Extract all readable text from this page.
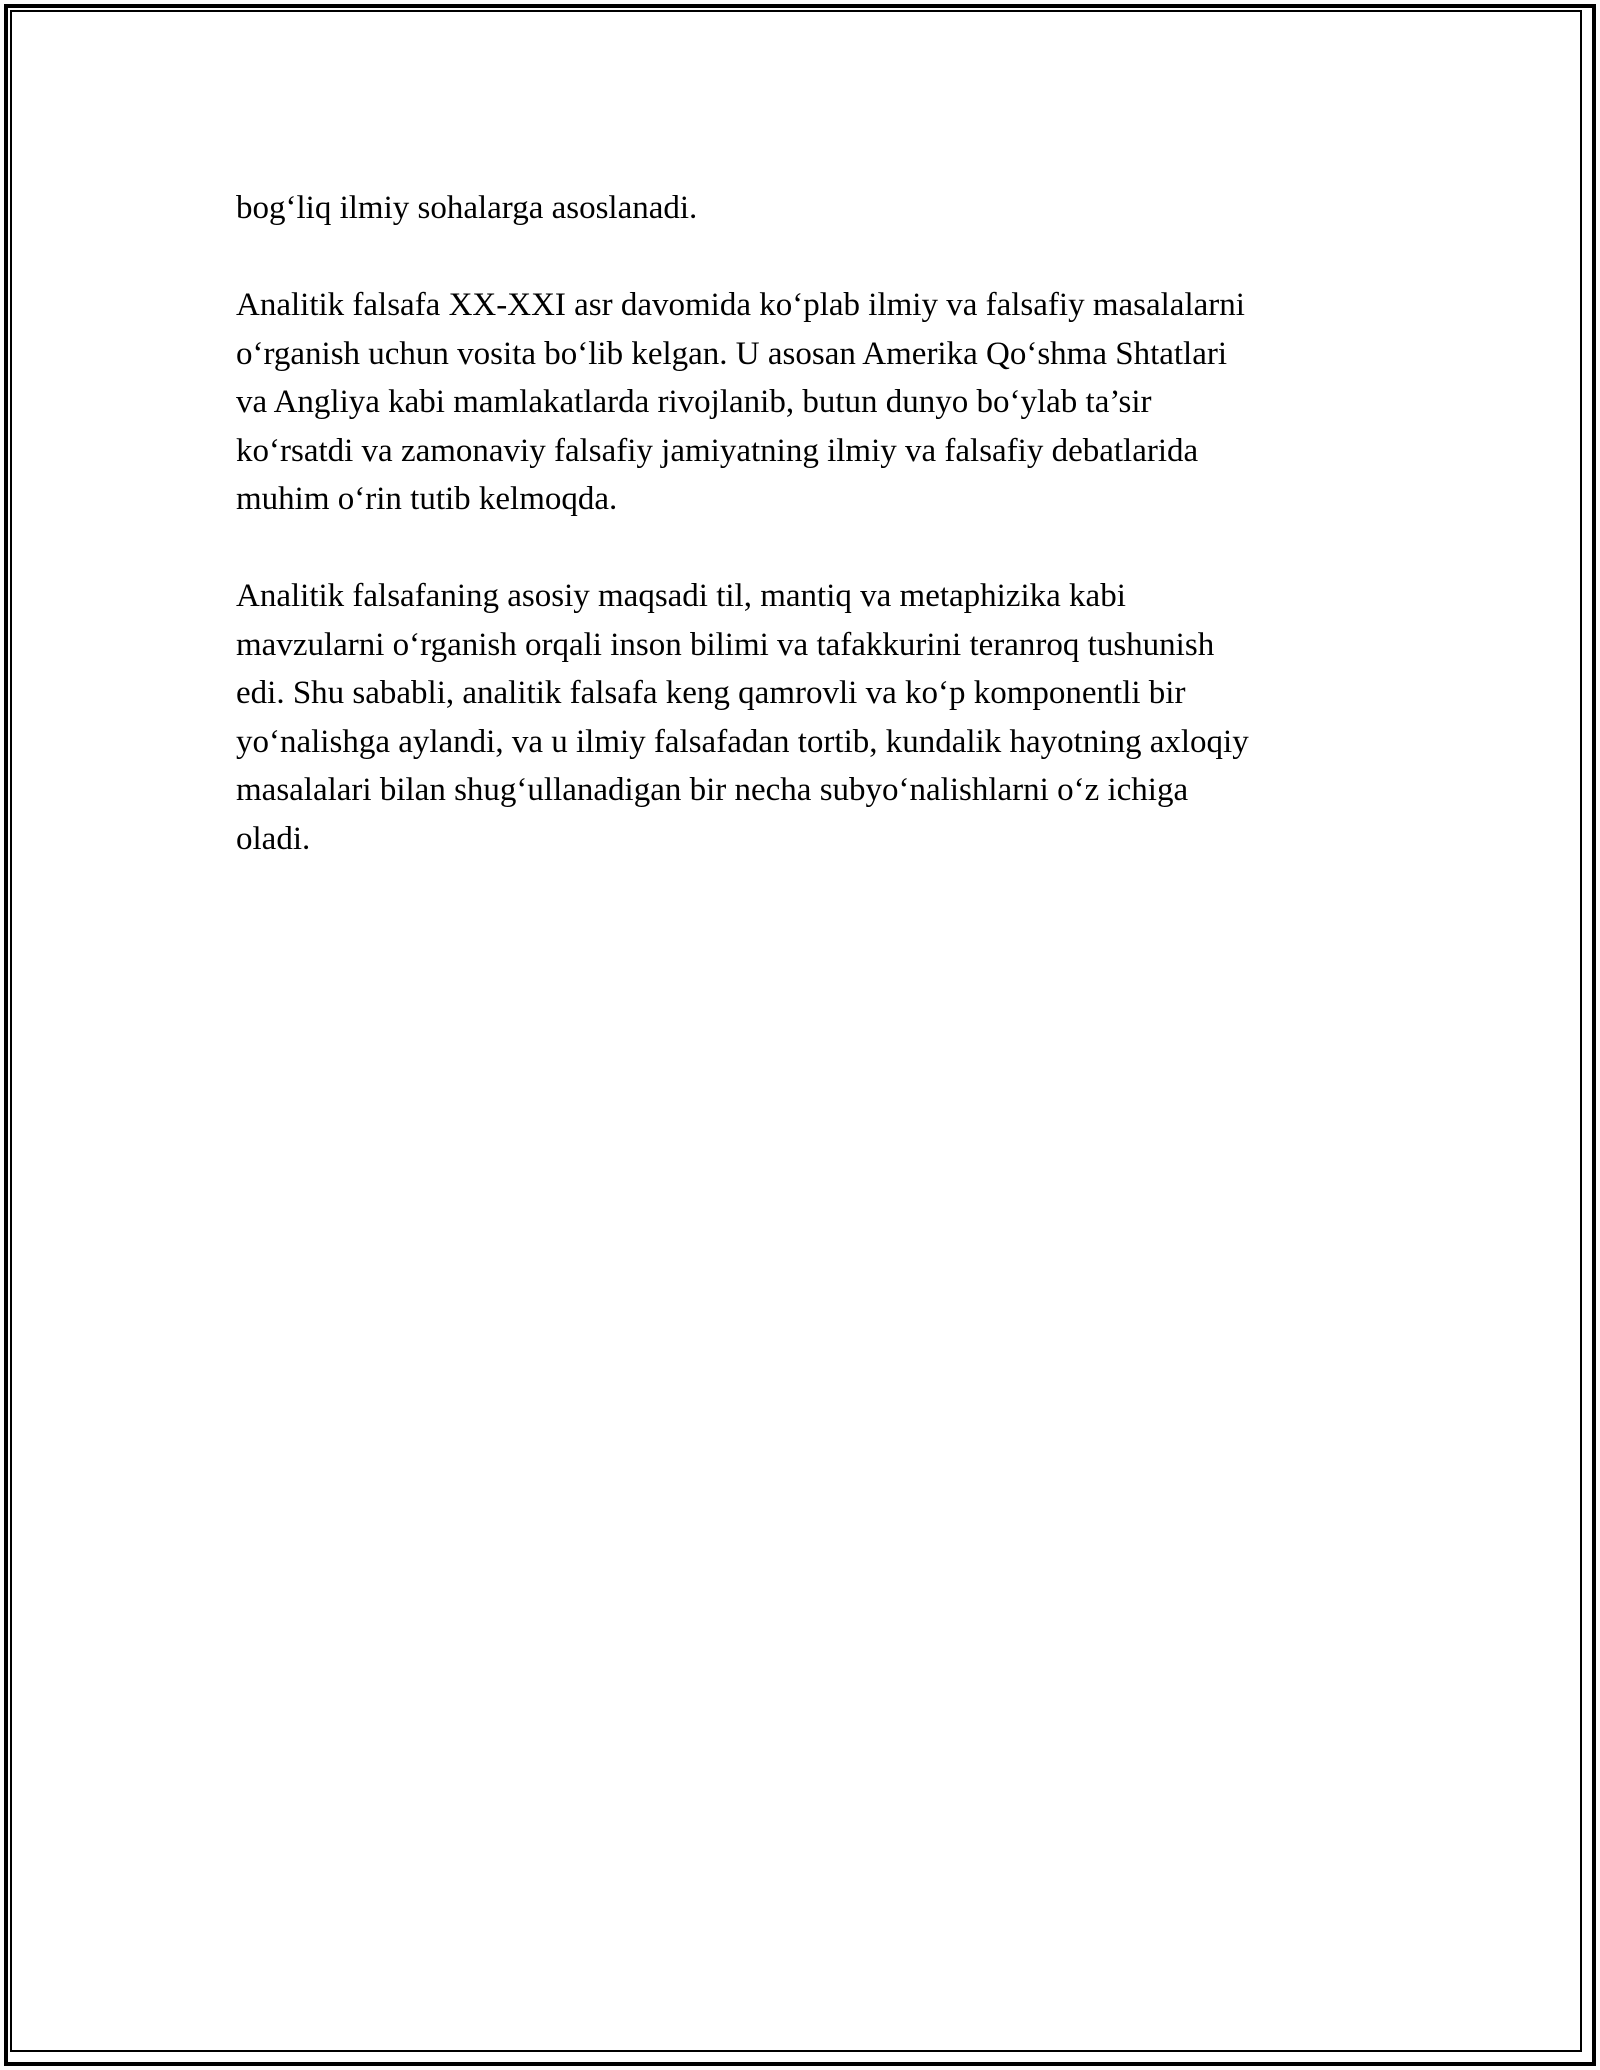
bog‘liq ilmiy sohalarga asoslanadi.

Analitik falsafa XX-XXI asr davomida ko‘plab ilmiy va falsafiy masalalarni
o‘rganish uchun vosita bo‘lib kelgan. U asosan Amerika Qo‘shma Shtatlari
va Angliya kabi mamlakatlarda rivojlanib, butun dunyo bo‘ylab ta’sir
ko‘rsatdi va zamonaviy falsafiy jamiyatning ilmiy va falsafiy debatlarida
muhim o‘rin tutib kelmoqda.

Analitik falsafaning asosiy maqsadi til, mantiq va metaphizika kabi
mavzularni o‘rganish orqali inson bilimi va tafakkurini teranroq tushunish
edi. Shu sababli, analitik falsafa keng qamrovli va ko‘p komponentli bir
yo‘nalishga aylandi, va u ilmiy falsafadan tortib, kundalik hayotning axloqiy
masalalari bilan shug‘ullanadigan bir necha subyo‘nalishlarni o‘z ichiga
oladi.
